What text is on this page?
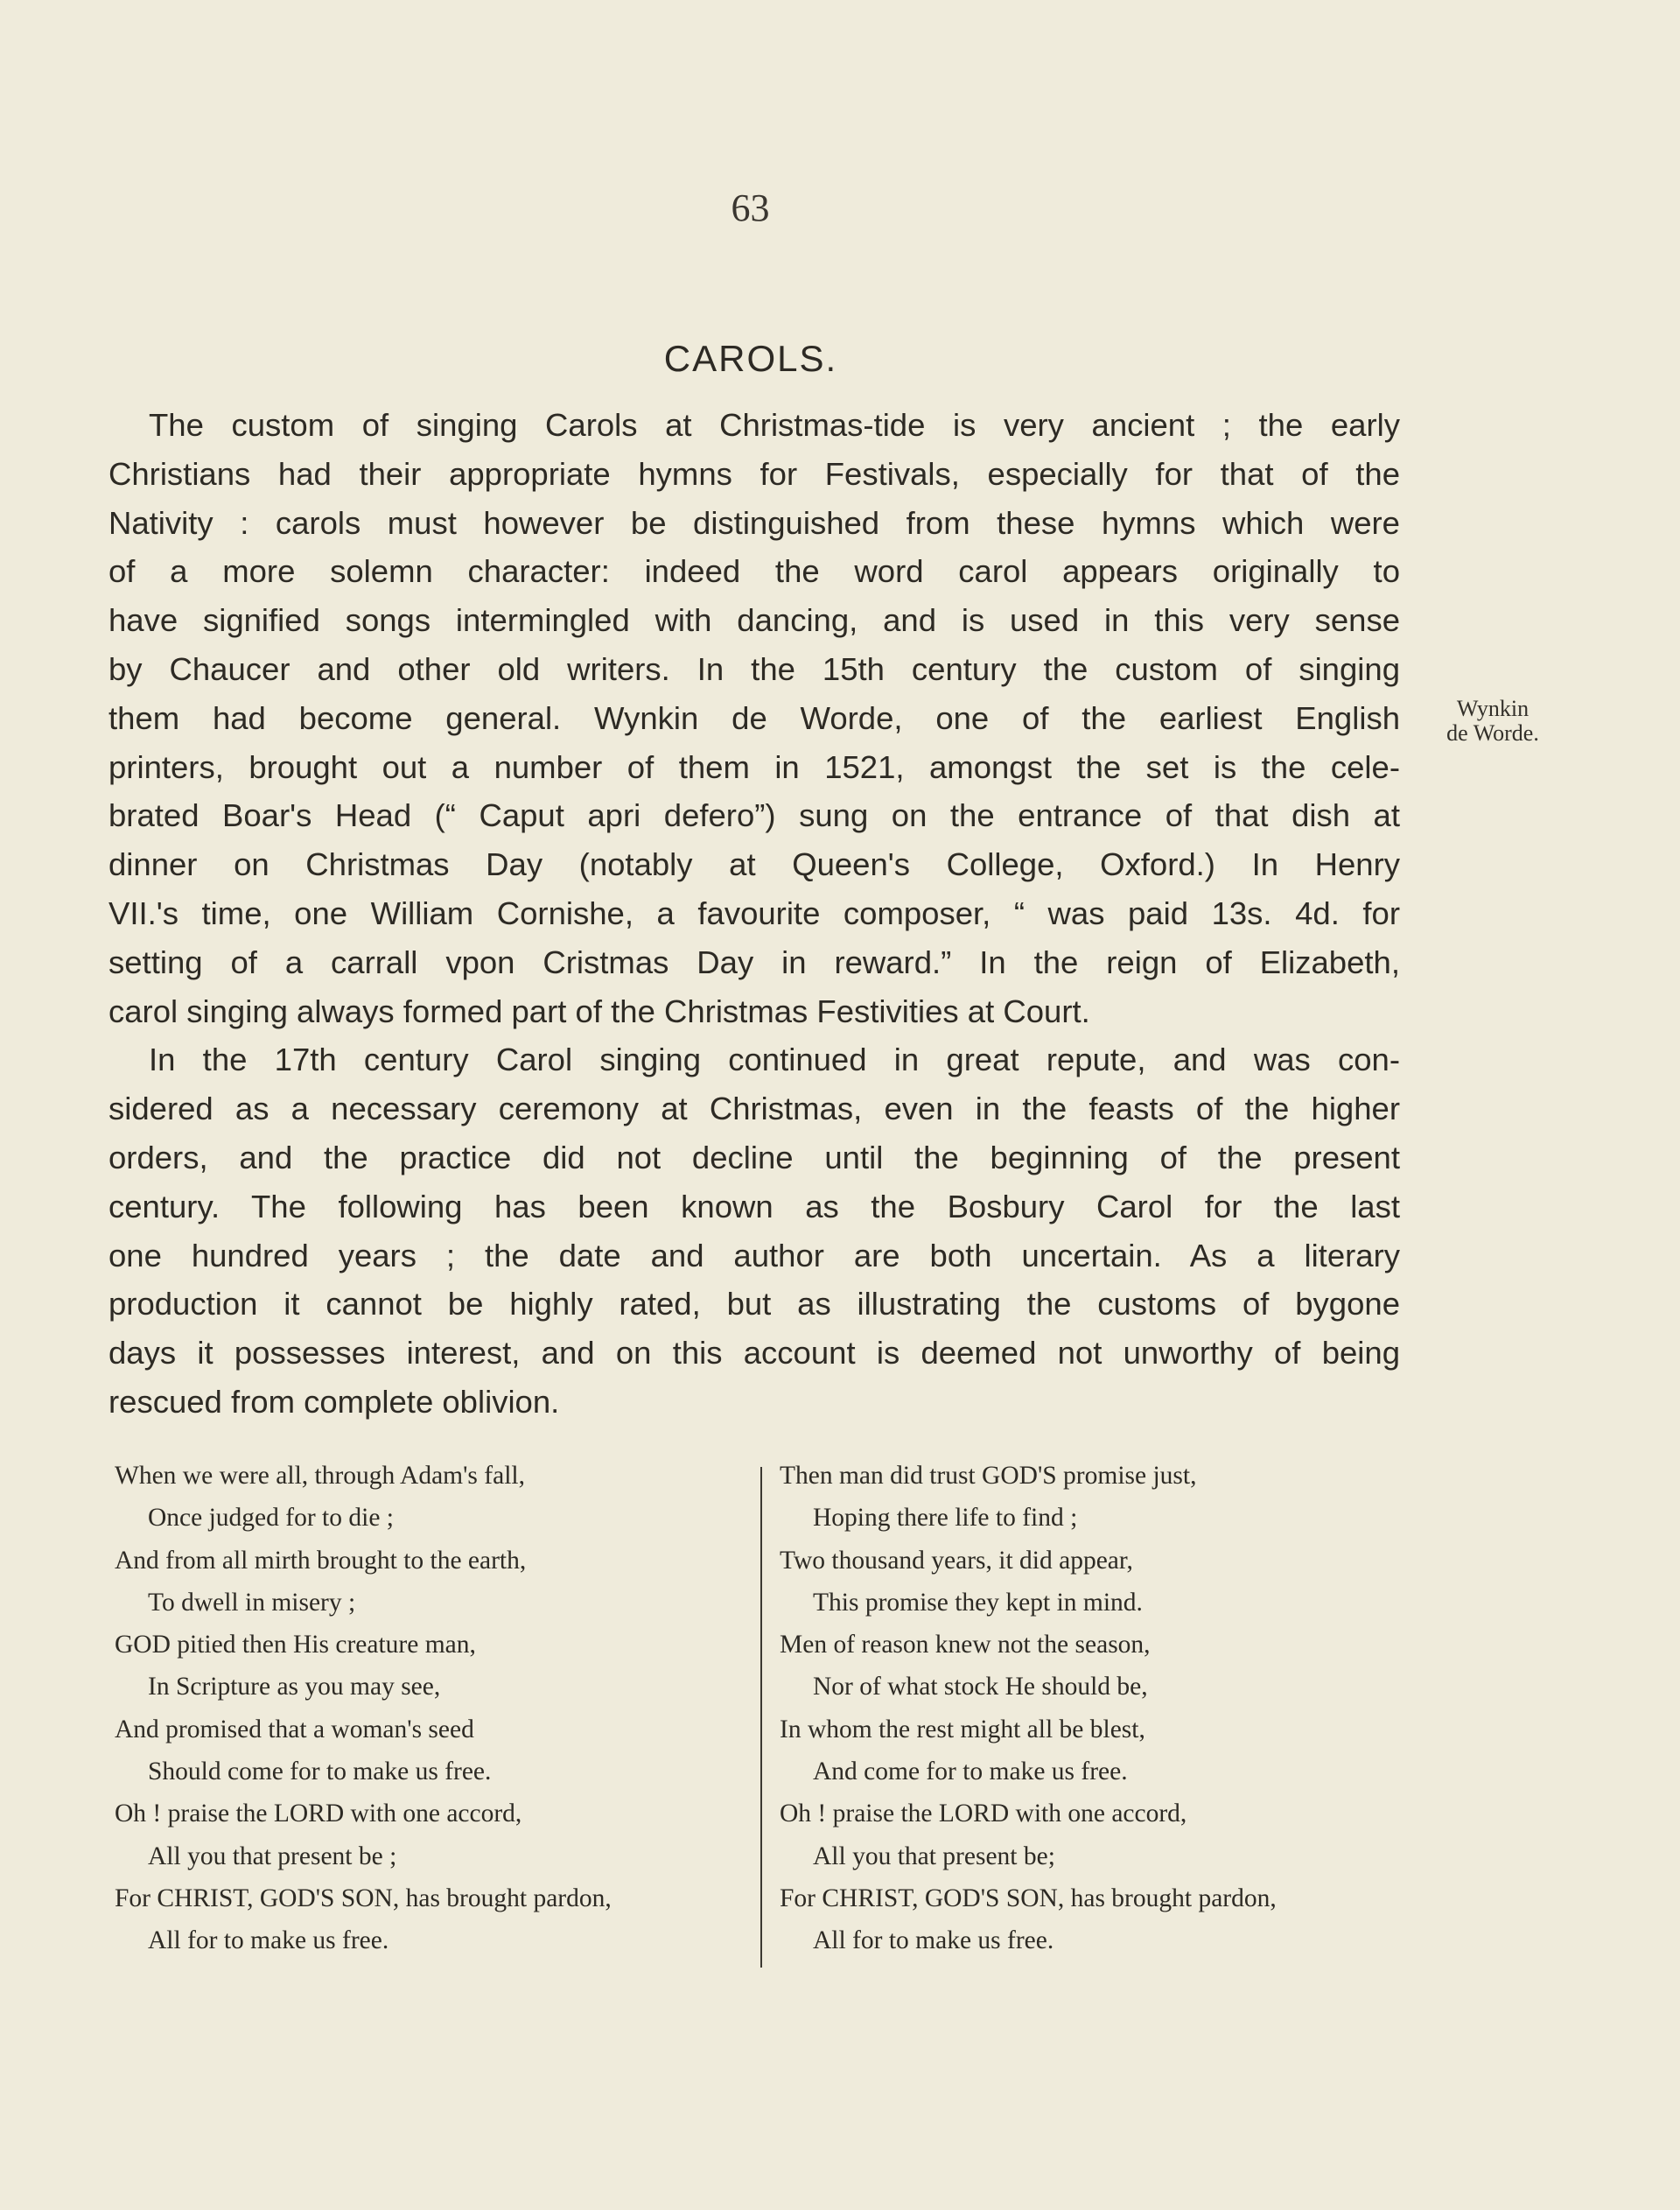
63
CAROLS.

The custom of singing Carols at Christmas-tide is very ancient ; the early
Christians had their appropriate hymns for Festivals, especially for that of the
Nativity : carols must however be distinguished from these hymns which were
of a more solemn character: indeed the word carol appears originally to
have signified songs intermingled with dancing, and is used in this very sense
by Chaucer and other old writers. In the 15th century the custom of singing
them had become general. Wynkin de Worde, one of the earliest English
printers, brought out a number of them in 1521, amongst the set is the cele-
brated Boar's Head (“ Caput apri defero”) sung on the entrance of that dish at
dinner on Christmas Day (notably at Queen's College, Oxford.) In Henry
VII.'s time, one William Cornishe, a favourite composer, “ was paid 13s. 4d. for
setting of a carrall vpon Cristmas Day in reward.” In the reign of Elizabeth,
carol singing always formed part of the Christmas Festivities at Court.

In the 17th century Carol singing continued in great repute, and was con-
sidered as a necessary ceremony at Christmas, even in the feasts of the higher
orders, and the practice did not decline until the beginning of the present
century. The following has been known as the Bosbury Carol for the last
one hundred years ; the date and author are both uncertain. As a literary
production it cannot be highly rated, but as illustrating the customs of bygone
days it possesses interest, and on this account is deemed not unworthy of being
rescued from complete oblivion.

Wynkin
de Worde.
When we were all, through Adam's fall,
Once judged for to die ;
And from all mirth brought to the earth,
To dwell in misery ;
GOD pitied then His creature man,
In Scripture as you may see,
And promised that a woman's seed
Should come for to make us free.
Oh ! praise the LORD with one accord,
All you that present be ;
For CHRIST, GOD'S SON, has brought pardon,
All for to make us free.
Then man did trust GOD'S promise just,
Hoping there life to find ;
Two thousand years, it did appear,
This promise they kept in mind.
Men of reason knew not the season,
Nor of what stock He should be,
In whom the rest might all be blest,
And come for to make us free.
Oh ! praise the LORD with one accord,
All you that present be;
For CHRIST, GOD'S SON, has brought pardon,
All for to make us free.
